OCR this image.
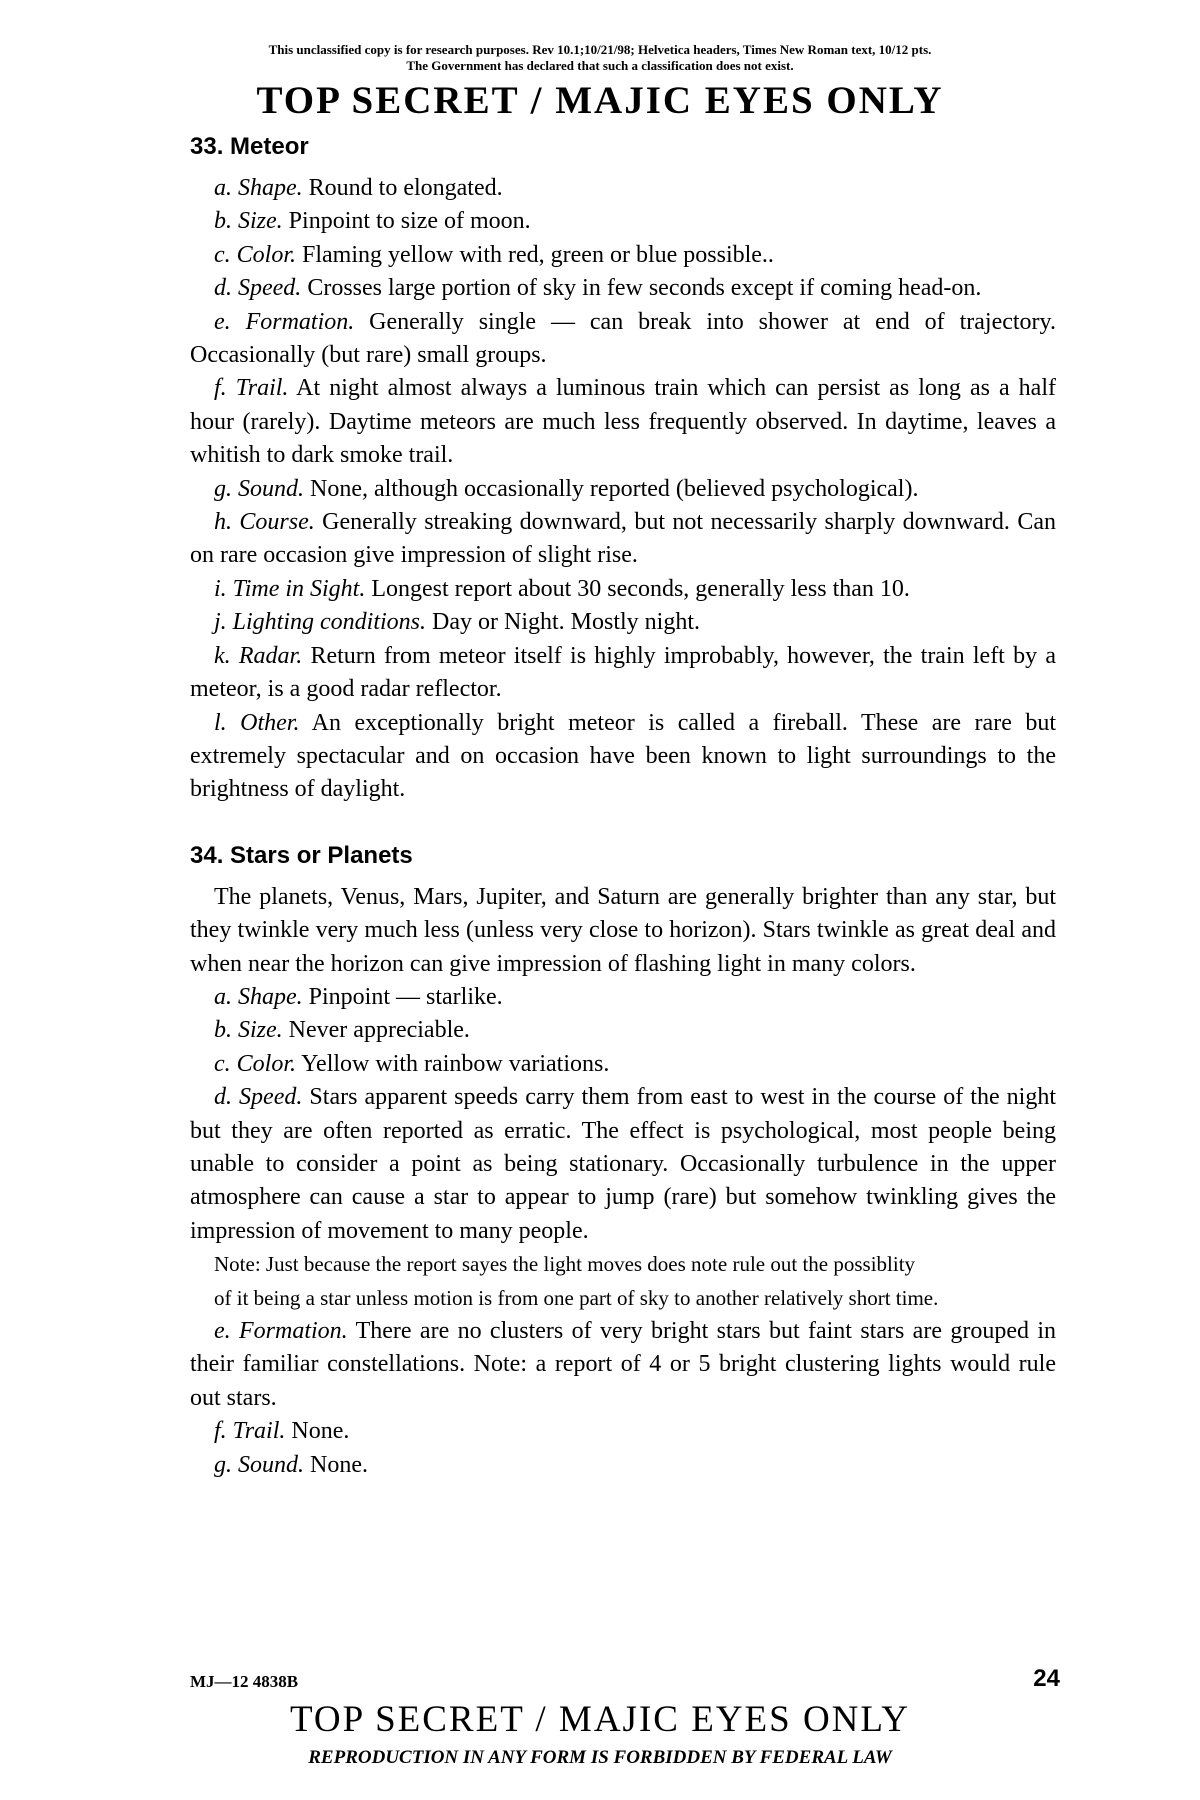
This unclassified copy is for research purposes. Rev 10.1;10/21/98; Helvetica headers, Times New Roman text, 10/12 pts.
The Government has declared that such a classification does not exist.
TOP SECRET / MAJIC EYES ONLY
33. Meteor

a. Shape. Round to elongated.

b. Size. Pinpoint to size of moon.

c. Color. Flaming yellow with red, green or blue possible..

d. Speed. Crosses large portion of sky in few seconds except if coming head-on.

e. Formation. Generally single — can break into shower at end of trajectory. Occasionally (but rare) small groups.

f. Trail. At night almost always a luminous train which can persist as long as a half hour (rarely). Daytime meteors are much less frequently observed. In daytime, leaves a whitish to dark smoke trail.

g. Sound. None, although occasionally reported (believed psychological).

h. Course. Generally streaking downward, but not necessarily sharply downward. Can on rare occasion give impression of slight rise.

i. Time in Sight. Longest report about 30 seconds, generally less than 10.

j. Lighting conditions. Day or Night. Mostly night.

k. Radar. Return from meteor itself is highly improbably, however, the train left by a meteor, is a good radar reflector.

l. Other. An exceptionally bright meteor is called a fireball. These are rare but extremely spectacular and on occasion have been known to light surroundings to the brightness of daylight.

34. Stars or Planets

The planets, Venus, Mars, Jupiter, and Saturn are generally brighter than any star, but they twinkle very much less (unless very close to horizon). Stars twinkle as great deal and when near the horizon can give impression of flashing light in many colors.

a. Shape. Pinpoint — starlike.

b. Size. Never appreciable.

c. Color. Yellow with rainbow variations.

d. Speed. Stars apparent speeds carry them from east to west in the course of the night but they are often reported as erratic. The effect is psychological, most people being unable to consider a point as being stationary. Occasionally turbulence in the upper atmosphere can cause a star to appear to jump (rare) but somehow twinkling gives the impression of movement to many people.

Note: Just because the report sayes the light moves does note rule out the possiblity

of it being a star unless motion is from one part of sky to another relatively short time.

e. Formation. There are no clusters of very bright stars but faint stars are grouped in their familiar constellations. Note: a report of 4 or 5 bright clustering lights would rule out stars.

f. Trail. None.

g. Sound. None.

MJ—12 4838B	24
TOP SECRET / MAJIC EYES ONLY
REPRODUCTION IN ANY FORM IS FORBIDDEN BY FEDERAL LAW
